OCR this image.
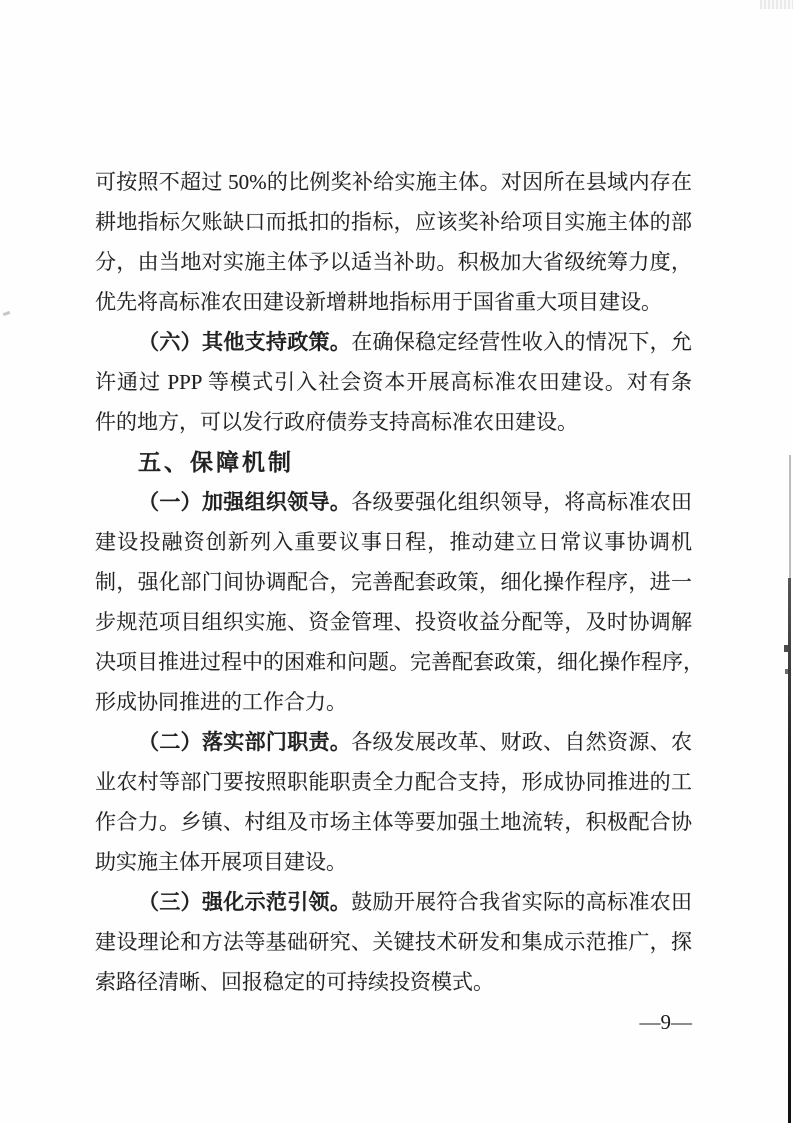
可按照不超过 50%的比例奖补给实施主体。对因所在县域内存在
耕地指标欠账缺口而抵扣的指标，应该奖补给项目实施主体的部
分，由当地对实施主体予以适当补助。积极加大省级统筹力度，
优先将高标准农田建设新增耕地指标用于国省重大项目建设。
（六）其他支持政策。在确保稳定经营性收入的情况下，允
许通过 PPP 等模式引入社会资本开展高标准农田建设。对有条
件的地方，可以发行政府债券支持高标准农田建设。
五、保障机制
（一）加强组织领导。各级要强化组织领导，将高标准农田
建设投融资创新列入重要议事日程，推动建立日常议事协调机
制，强化部门间协调配合，完善配套政策，细化操作程序，进一
步规范项目组织实施、资金管理、投资收益分配等，及时协调解
决项目推进过程中的困难和问题。完善配套政策，细化操作程序，
形成协同推进的工作合力。
（二）落实部门职责。各级发展改革、财政、自然资源、农
业农村等部门要按照职能职责全力配合支持，形成协同推进的工
作合力。乡镇、村组及市场主体等要加强土地流转，积极配合协
助实施主体开展项目建设。
（三）强化示范引领。鼓励开展符合我省实际的高标准农田
建设理论和方法等基础研究、关键技术研发和集成示范推广，探
索路径清晰、回报稳定的可持续投资模式。
—9—
